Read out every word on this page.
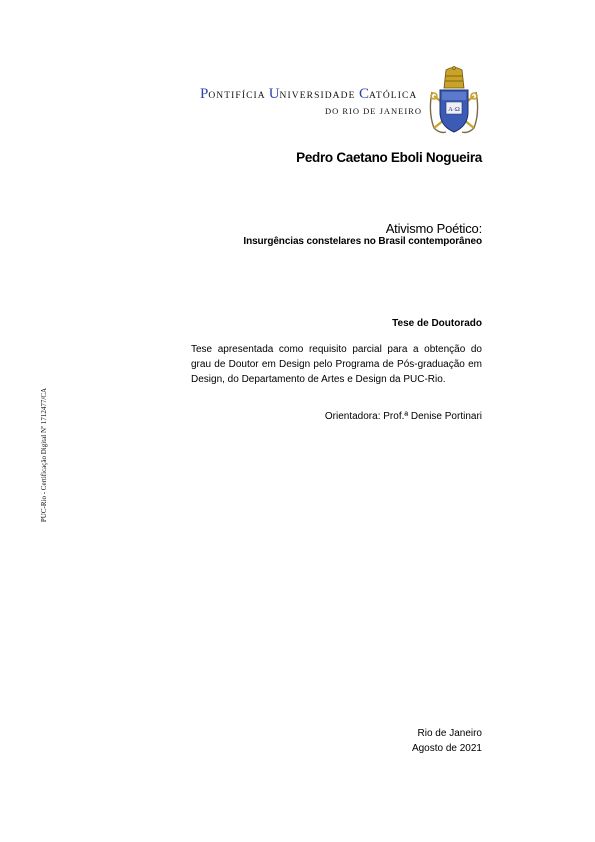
PONTIFÍCIA UNIVERSIDADE CATÓLICA
DO RIO DE JANEIRO	A·Ω
Pedro Caetano Eboli Nogueira
Ativismo Poético:
Insurgências constelares no Brasil contemporâneo
Tese de Doutorado
Tese apresentada como requisito parcial para a obtenção do grau de Doutor em Design pelo Programa de Pós-graduação em Design, do Departamento de Artes e Design da PUC-Rio.
Orientadora: Prof.ª Denise Portinari
Rio de Janeiro
Agosto de 2021
PUC-Rio - Certificação Digital Nº 1712477/CA
